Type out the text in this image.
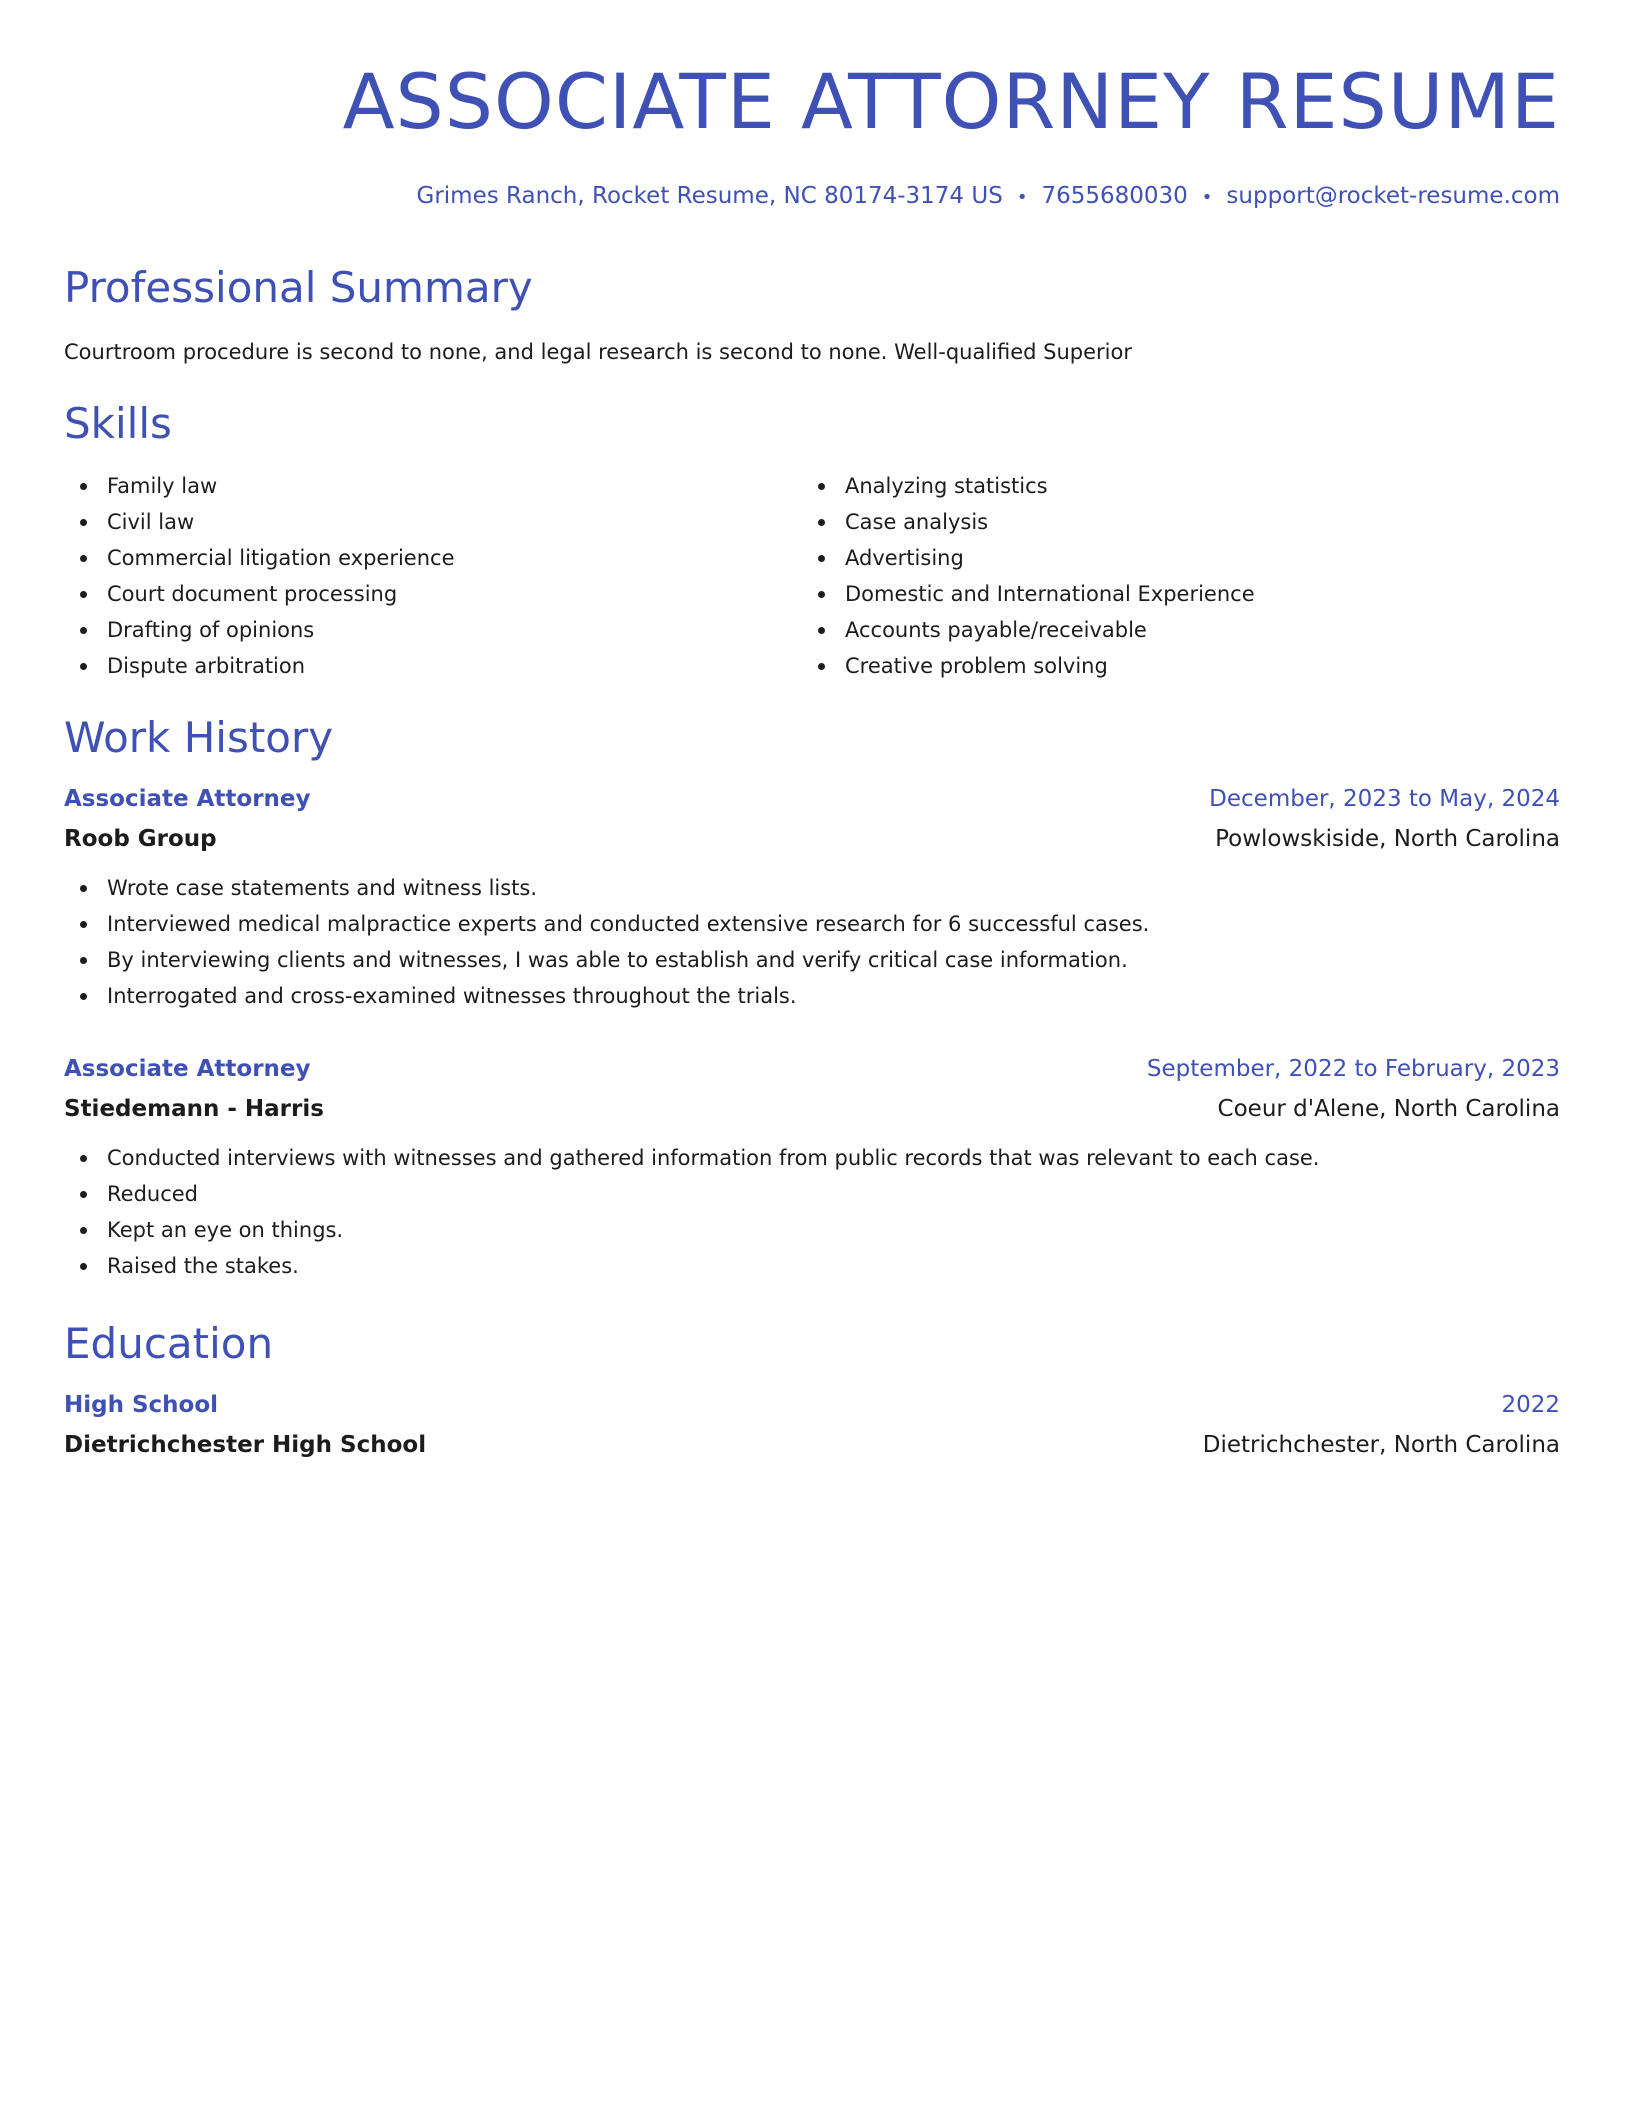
ASSOCIATE ATTORNEY RESUME
Grimes Ranch, Rocket Resume, NC 80174-3174 US • 7655680030 • support@rocket-resume.com
Professional Summary
Courtroom procedure is second to none, and legal research is second to none. Well-qualified Superior
Skills
Family law
Civil law
Commercial litigation experience
Court document processing
Drafting of opinions
Dispute arbitration
Analyzing statistics
Case analysis
Advertising
Domestic and International Experience
Accounts payable/receivable
Creative problem solving
Work History
Associate Attorney	December, 2023 to May, 2024
Roob Group	Powlowskiside, North Carolina
Wrote case statements and witness lists.
Interviewed medical malpractice experts and conducted extensive research for 6 successful cases.
By interviewing clients and witnesses, I was able to establish and verify critical case information.
Interrogated and cross-examined witnesses throughout the trials.
Associate Attorney	September, 2022 to February, 2023
Stiedemann - Harris	Coeur d'Alene, North Carolina
Conducted interviews with witnesses and gathered information from public records that was relevant to each case.
Reduced
Kept an eye on things.
Raised the stakes.
Education
High School	2022
Dietrichchester High School	Dietrichchester, North Carolina
